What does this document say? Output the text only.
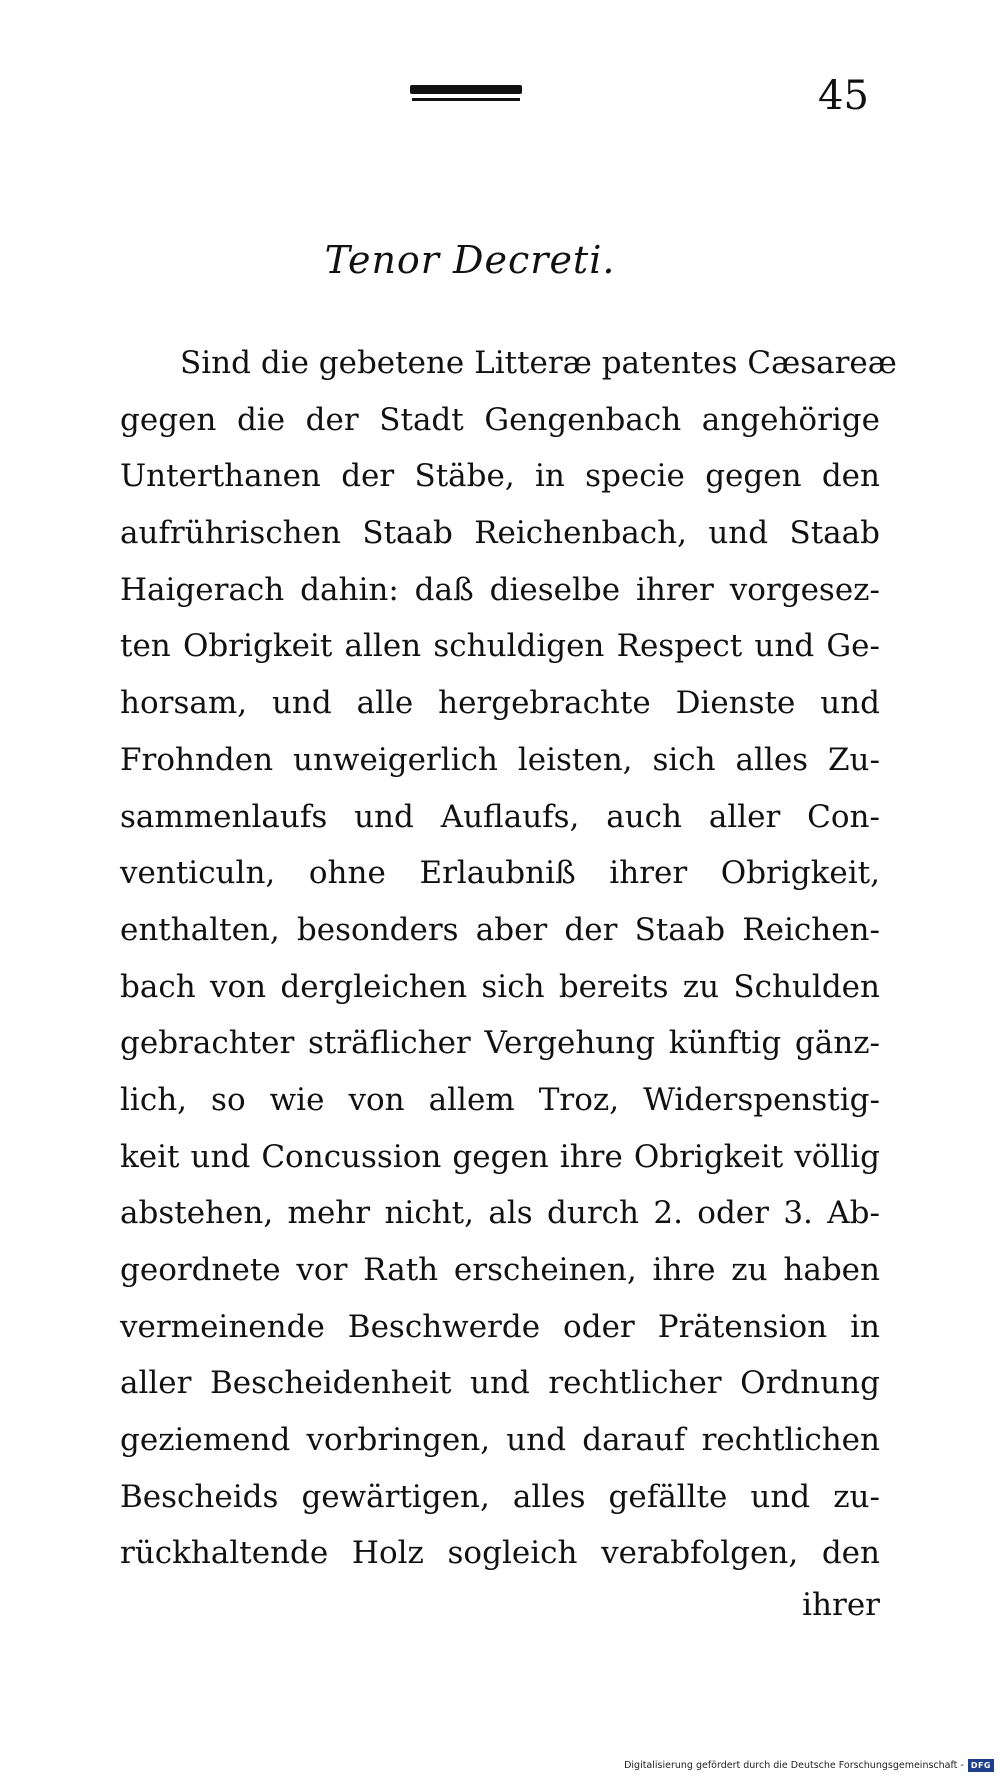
45
Tenor Decreti.
Sind die gebetene Litteræ patentes Cæsareæ
gegen die der Stadt Gengenbach angehörige
Unterthanen der Stäbe, in specie gegen den
aufrührischen Staab Reichenbach, und Staab
Haigerach dahin: daß dieselbe ihrer vorgesez-
ten Obrigkeit allen schuldigen Respect und Ge-
horsam, und alle hergebrachte Dienste und
Frohnden unweigerlich leisten, sich alles Zu-
sammenlaufs und Auflaufs, auch aller Con-
venticuln, ohne Erlaubniß ihrer Obrigkeit,
enthalten, besonders aber der Staab Reichen-
bach von dergleichen sich bereits zu Schulden
gebrachter sträflicher Vergehung künftig gänz-
lich, so wie von allem Troz, Widerspenstig-
keit und Concussion gegen ihre Obrigkeit völlig
abstehen, mehr nicht, als durch 2. oder 3. Ab-
geordnete vor Rath erscheinen, ihre zu haben
vermeinende Beschwerde oder Prätension in
aller Bescheidenheit und rechtlicher Ordnung
geziemend vorbringen, und darauf rechtlichen
Bescheids gewärtigen, alles gefällte und zu-
rückhaltende Holz sogleich verabfolgen, den
ihrer
Digitalisierung gefördert durch die Deutsche Forschungsgemeinschaft - DFG
